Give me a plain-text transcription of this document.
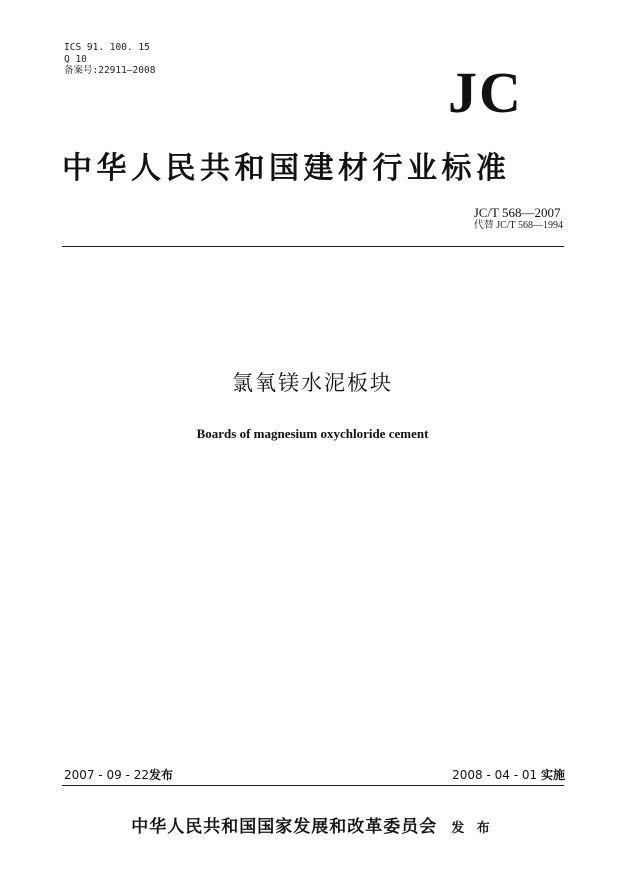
ICS 91. 100. 15
Q 10
备案号:22911—2008	JC
中华人民共和国建材行业标准
JC/T 568—2007
代替 JC/T 568—1994
氯氧镁水泥板块
Boards of magnesium oxychloride cement
2007 - 09 - 22发布	2008 - 04 - 01 实施
中华人民共和国国家发展和改革委员会 发 布
